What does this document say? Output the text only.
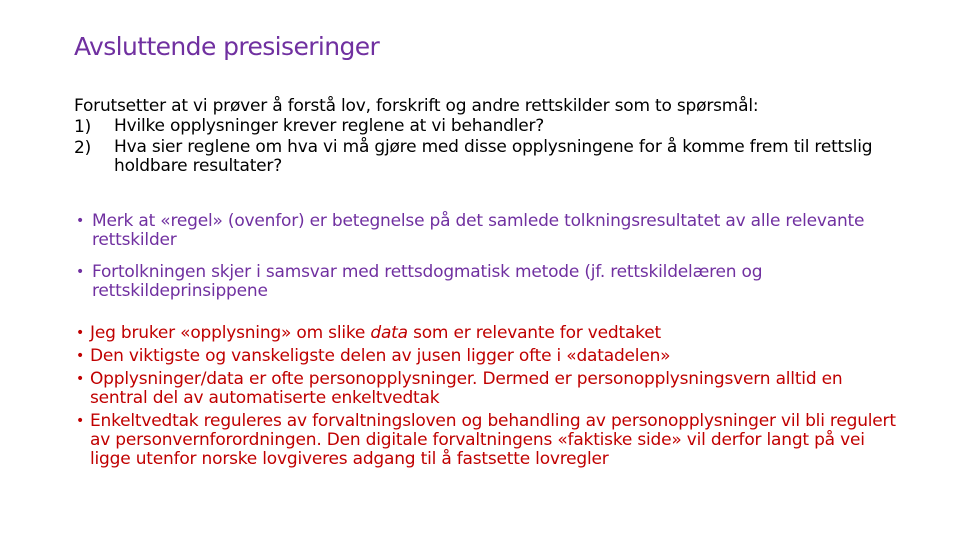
Avsluttende presiseringer
Forutsetter at vi prøver å forstå lov, forskrift og andre rettskilder som to spørsmål:
1)	Hvilke opplysninger krever reglene at vi behandler?
2)	Hva sier reglene om hva vi må gjøre med disse opplysningene for å komme frem til rettslig holdbare resultater?
• Merk at «regel» (ovenfor) er betegnelse på det samlede tolkningsresultatet av alle relevante rettskilder
• Fortolkningen skjer i samsvar med rettsdogmatisk metode (jf. rettskildelæren og rettskildeprinsippene
• Jeg bruker «opplysning» om slike data som er relevante for vedtaket
• Den viktigste og vanskeligste delen av jusen ligger ofte i «datadelen»
• Opplysninger/data er ofte personopplysninger. Dermed er personopplysningsvern alltid en sentral del av automatiserte enkeltvedtak
• Enkeltvedtak reguleres av forvaltningsloven og behandling av personopplysninger vil bli regulert av personvernforordningen. Den digitale forvaltningens «faktiske side» vil derfor langt på vei ligge utenfor norske lovgiveres adgang til å fastsette lovregler
